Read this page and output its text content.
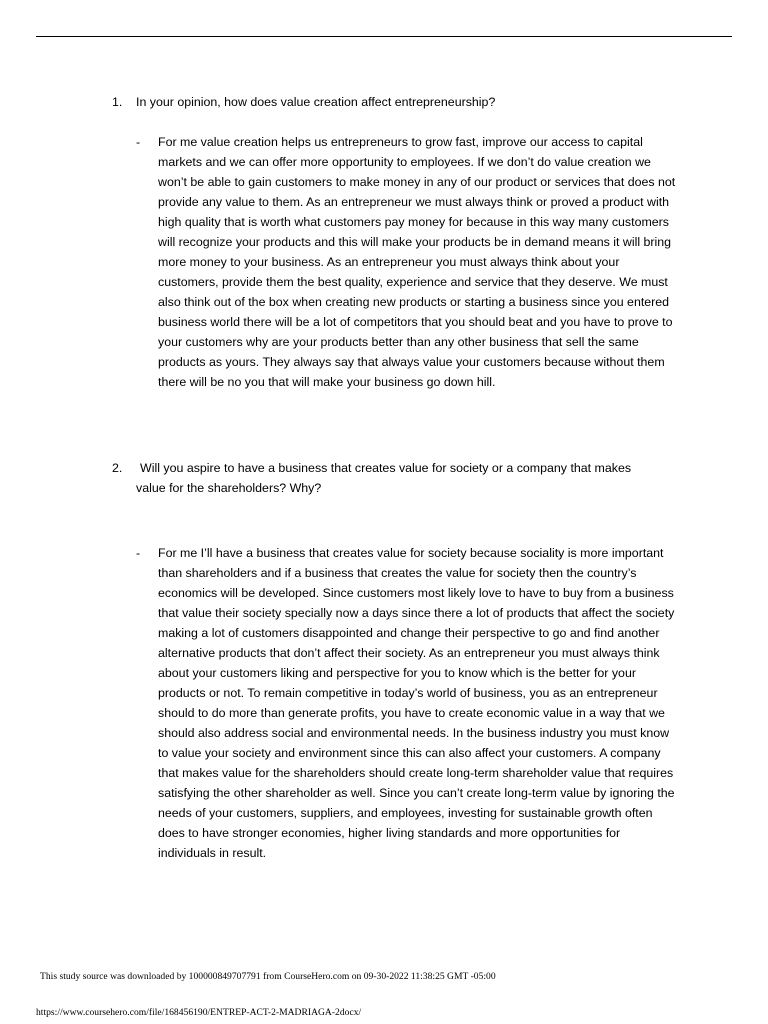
1. In your opinion, how does value creation affect entrepreneurship?
- For me value creation helps us entrepreneurs to grow fast, improve our access to capital markets and we can offer more opportunity to employees. If we don’t do value creation we won’t be able to gain customers to make money in any of our product or services that does not provide any value to them. As an entrepreneur we must always think or proved a product with high quality that is worth what customers pay money for because in this way many customers will recognize your products and this will make your products be in demand means it will bring more money to your business. As an entrepreneur you must always think about your customers, provide them the best quality, experience and service that they deserve. We must also think out of the box when creating new products or starting a business since you entered business world there will be a lot of competitors that you should beat and you have to prove to your customers why are your products better than any other business that sell the same products as yours. They always say that always value your customers because without them there will be no you that will make your business go down hill.
2.	Will you aspire to have a business that creates value for society or a company that makes value for the shareholders? Why?
- For me I’ll have a business that creates value for society because sociality is more important than shareholders and if a business that creates the value for society then the country’s economics will be developed. Since customers most likely love to have to buy from a business that value their society specially now a days since there a lot of products that affect the society making a lot of customers disappointed and change their perspective to go and find another alternative products that don’t affect their society. As an entrepreneur you must always think about your customers liking and perspective for you to know which is the better for your products or not. To remain competitive in today’s world of business, you as an entrepreneur should to do more than generate profits, you have to create economic value in a way that we should also address social and environmental needs. In the business industry you must know to value your society and environment since this can also affect your customers. A company that makes value for the shareholders should create long-term shareholder value that requires satisfying the other shareholder as well. Since you can’t create long-term value by ignoring the needs of your customers, suppliers, and employees, investing for sustainable growth often does to have stronger economies, higher living standards and more opportunities for individuals in result.
This study source was downloaded by 100000849707791 from CourseHero.com on 09-30-2022 11:38:25 GMT -05:00
https://www.coursehero.com/file/168456190/ENTREP-ACT-2-MADRIAGA-2docx/
